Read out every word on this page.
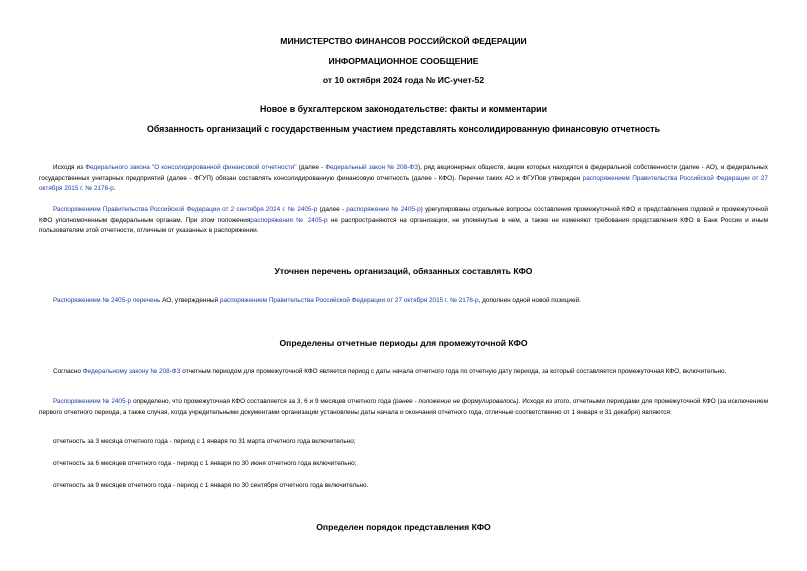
МИНИСТЕРСТВО ФИНАНСОВ РОССИЙСКОЙ ФЕДЕРАЦИИ
ИНФОРМАЦИОННОЕ СООБЩЕНИЕ
от 10 октября 2024 года № ИС-учет-52
Новое в бухгалтерском законодательстве: факты и комментарии
Обязанность организаций с государственным участием представлять консолидированную финансовую отчетность
Исходя из Федерального закона "О консолидированной финансовой отчетности" (далее - Федеральный закон № 208-ФЗ), ряд акционерных обществ, акции которых находятся в федеральной собственности (далее - АО), и федеральных государственных унитарных предприятий (далее - ФГУП) обязан составлять консолидированную финансовую отчетность (далее - КФО). Перечни таких АО и ФГУПов утвержден распоряжением Правительства Российской Федерации от 27 октября 2015 г. № 2176-р.
Распоряжением Правительства Российской Федерации от 2 сентября 2024 г. № 2405-р (далее - распоряжение № 2405-р) урегулированы отдельные вопросы составления промежуточной КФО и представления годовой и промежуточной КФО уполномоченным федеральным органам. При этом положенияраспоряжения № 2405-р не распространяются на организации, не упомянутые в нем, а также не изменяют требования представления КФО в Банк России и иным пользователям этой отчетности, отличным от указанных в распоряжении.
Уточнен перечень организаций, обязанных составлять КФО
Распоряжением № 2405-р перечень АО, утвержденный распоряжением Правительства Российской Федерации от 27 октября 2015 г. № 2176-р, дополнен одной новой позицией.
Определены отчетные периоды для промежуточной КФО
Согласно Федеральному закону № 208-ФЗ отчетным периодом для промежуточной КФО является период с даты начала отчетного года по отчетную дату периода, за который составляется промежуточная КФО, включительно.
Распоряжением № 2405-р определено, что промежуточная КФО составляется за 3, 6 и 9 месяцев отчетного года (ранее - положение не формулировалось). Исходя из этого, отчетными периодами для промежуточной КФО (за исключением первого отчетного периода, а также случая, когда учредительными документами организации установлены даты начала и окончания отчетного года, отличные соответственно от 1 января и 31 декабря) являются:
отчетность за 3 месяца отчетного года - период с 1 января по 31 марта отчетного года включительно;
отчетность за 6 месяцев отчетного года - период с 1 января по 30 июня отчетного года включительно;
отчетность за 9 месяцев отчетного года - период с 1 января по 30 сентября отчетного года включительно.
Определен порядок представления КФО
